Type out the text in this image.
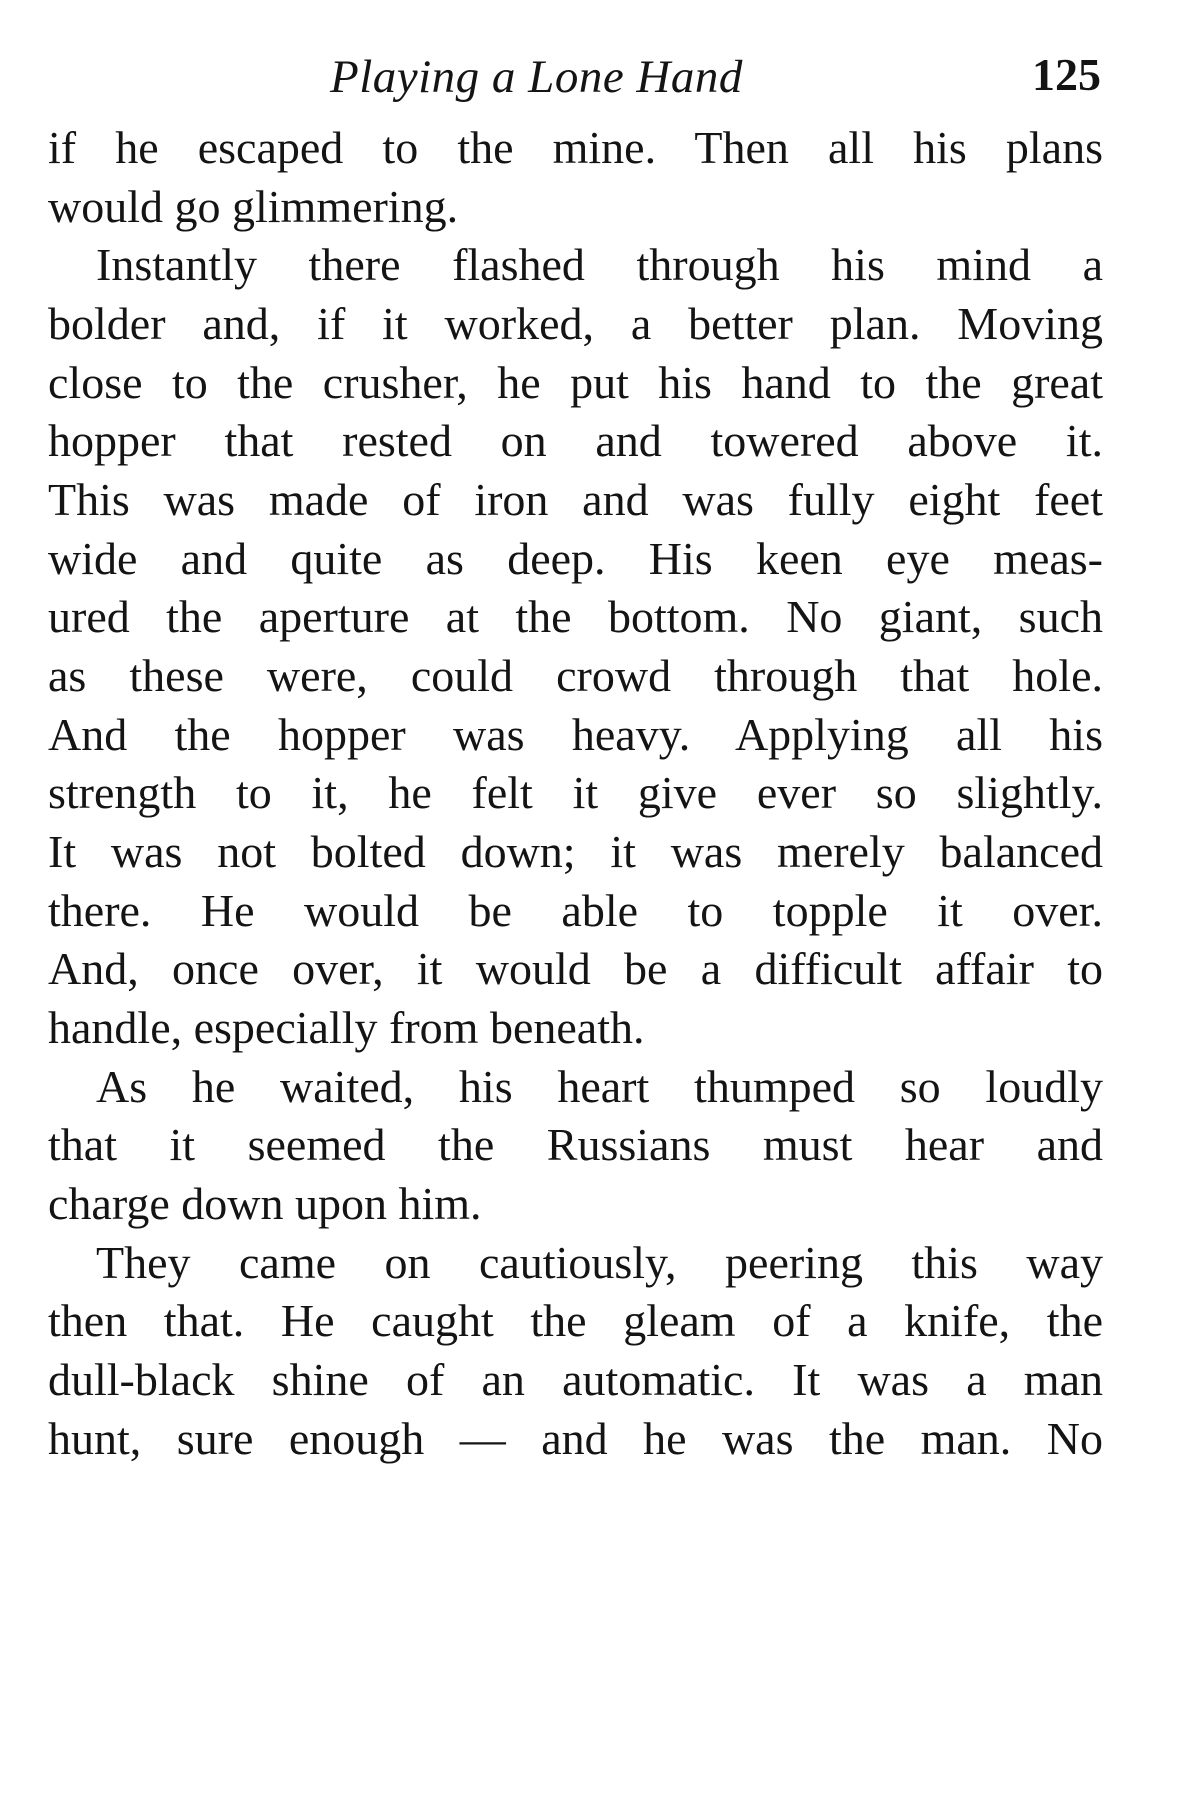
Playing a Lone Hand	125
if he escaped to the mine. Then all his plans
would go glimmering.
Instantly there flashed through his mind a
bolder and, if it worked, a better plan. Moving
close to the crusher, he put his hand to the great
hopper that rested on and towered above it.
This was made of iron and was fully eight feet
wide and quite as deep. His keen eye meas-
ured the aperture at the bottom. No giant, such
as these were, could crowd through that hole.
And the hopper was heavy. Applying all his
strength to it, he felt it give ever so slightly.
It was not bolted down; it was merely balanced
there. He would be able to topple it over.
And, once over, it would be a difficult affair to
handle, especially from beneath.
As he waited, his heart thumped so loudly
that it seemed the Russians must hear and
charge down upon him.
They came on cautiously, peering this way
then that. He caught the gleam of a knife, the
dull-black shine of an automatic. It was a man
hunt, sure enough — and he was the man. No
